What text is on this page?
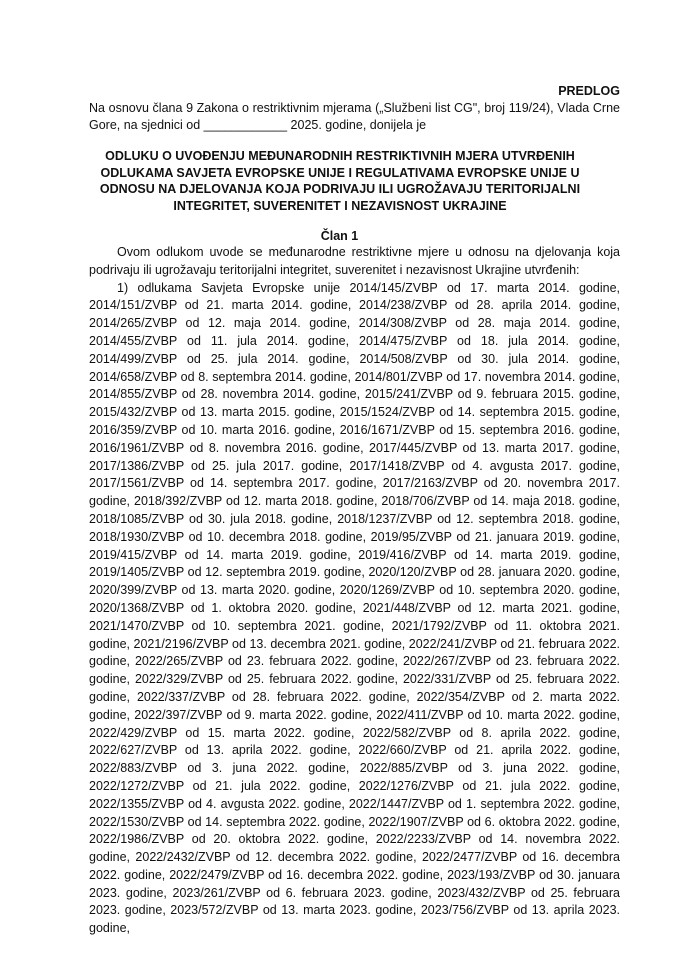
PREDLOG
Na osnovu člana 9 Zakona o restriktivnim mjerama („Službeni list CG", broj 119/24), Vlada Crne Gore, na sjednici od ____________ 2025. godine, donijela je
ODLUKU O UVOĐENJU MEĐUNARODNIH RESTRIKTIVNIH MJERA UTVRĐENIH
ODLUKAMA SAVJETA EVROPSKE UNIJE I REGULATIVAMA EVROPSKE UNIJE U
ODNOSU NA DJELOVANJA KOJA PODRIVAJU ILI UGROŽAVAJU TERITORIJALNI
INTEGRITET, SUVERENITET I NEZAVISNOST UKRAJINE
Član 1

Ovom odlukom uvode se međunarodne restriktivne mjere u odnosu na djelovanja koja podrivaju ili ugrožavaju teritorijalni integritet, suverenitet i nezavisnost Ukrajine utvrđenih:

1) odlukama Savjeta Evropske unije 2014/145/ZVBP od 17. marta 2014. godine, 2014/151/ZVBP od 21. marta 2014. godine, 2014/238/ZVBP od 28. aprila 2014. godine, 2014/265/ZVBP od 12. maja 2014. godine, 2014/308/ZVBP od 28. maja 2014. godine, 2014/455/ZVBP od 11. jula 2014. godine, 2014/475/ZVBP od 18. jula 2014. godine, 2014/499/ZVBP od 25. jula 2014. godine, 2014/508/ZVBP od 30. jula 2014. godine, 2014/658/ZVBP od 8. septembra 2014. godine, 2014/801/ZVBP od 17. novembra 2014. godine, 2014/855/ZVBP od 28. novembra 2014. godine, 2015/241/ZVBP od 9. februara 2015. godine, 2015/432/ZVBP od 13. marta 2015. godine, 2015/1524/ZVBP od 14. septembra 2015. godine, 2016/359/ZVBP od 10. marta 2016. godine, 2016/1671/ZVBP od 15. septembra 2016. godine, 2016/1961/ZVBP od 8. novembra 2016. godine, 2017/445/ZVBP od 13. marta 2017. godine, 2017/1386/ZVBP od 25. jula 2017. godine, 2017/1418/ZVBP od 4. avgusta 2017. godine, 2017/1561/ZVBP od 14. septembra 2017. godine, 2017/2163/ZVBP od 20. novembra 2017. godine, 2018/392/ZVBP od 12. marta 2018. godine, 2018/706/ZVBP od 14. maja 2018. godine, 2018/1085/ZVBP od 30. jula 2018. godine, 2018/1237/ZVBP od 12. septembra 2018. godine, 2018/1930/ZVBP od 10. decembra 2018. godine, 2019/95/ZVBP od 21. januara 2019. godine, 2019/415/ZVBP od 14. marta 2019. godine, 2019/416/ZVBP od 14. marta 2019. godine, 2019/1405/ZVBP od 12. septembra 2019. godine, 2020/120/ZVBP od 28. januara 2020. godine, 2020/399/ZVBP od 13. marta 2020. godine, 2020/1269/ZVBP od 10. septembra 2020. godine, 2020/1368/ZVBP od 1. oktobra 2020. godine, 2021/448/ZVBP od 12. marta 2021. godine, 2021/1470/ZVBP od 10. septembra 2021. godine, 2021/1792/ZVBP od 11. oktobra 2021. godine, 2021/2196/ZVBP od 13. decembra 2021. godine, 2022/241/ZVBP od 21. februara 2022. godine, 2022/265/ZVBP od 23. februara 2022. godine, 2022/267/ZVBP od 23. februara 2022. godine, 2022/329/ZVBP od 25. februara 2022. godine, 2022/331/ZVBP od 25. februara 2022. godine, 2022/337/ZVBP od 28. februara 2022. godine, 2022/354/ZVBP od 2. marta 2022. godine, 2022/397/ZVBP od 9. marta 2022. godine, 2022/411/ZVBP od 10. marta 2022. godine, 2022/429/ZVBP od 15. marta 2022. godine, 2022/582/ZVBP od 8. aprila 2022. godine, 2022/627/ZVBP od 13. aprila 2022. godine, 2022/660/ZVBP od 21. aprila 2022. godine, 2022/883/ZVBP od 3. juna 2022. godine, 2022/885/ZVBP od 3. juna 2022. godine, 2022/1272/ZVBP od 21. jula 2022. godine, 2022/1276/ZVBP od 21. jula 2022. godine, 2022/1355/ZVBP od 4. avgusta 2022. godine, 2022/1447/ZVBP od 1. septembra 2022. godine, 2022/1530/ZVBP od 14. septembra 2022. godine, 2022/1907/ZVBP od 6. oktobra 2022. godine, 2022/1986/ZVBP od 20. oktobra 2022. godine, 2022/2233/ZVBP od 14. novembra 2022. godine, 2022/2432/ZVBP od 12. decembra 2022. godine, 2022/2477/ZVBP od 16. decembra 2022. godine, 2022/2479/ZVBP od 16. decembra 2022. godine, 2023/193/ZVBP od 30. januara 2023. godine, 2023/261/ZVBP od 6. februara 2023. godine, 2023/432/ZVBP od 25. februara 2023. godine, 2023/572/ZVBP od 13. marta 2023. godine, 2023/756/ZVBP od 13. aprila 2023. godine,
